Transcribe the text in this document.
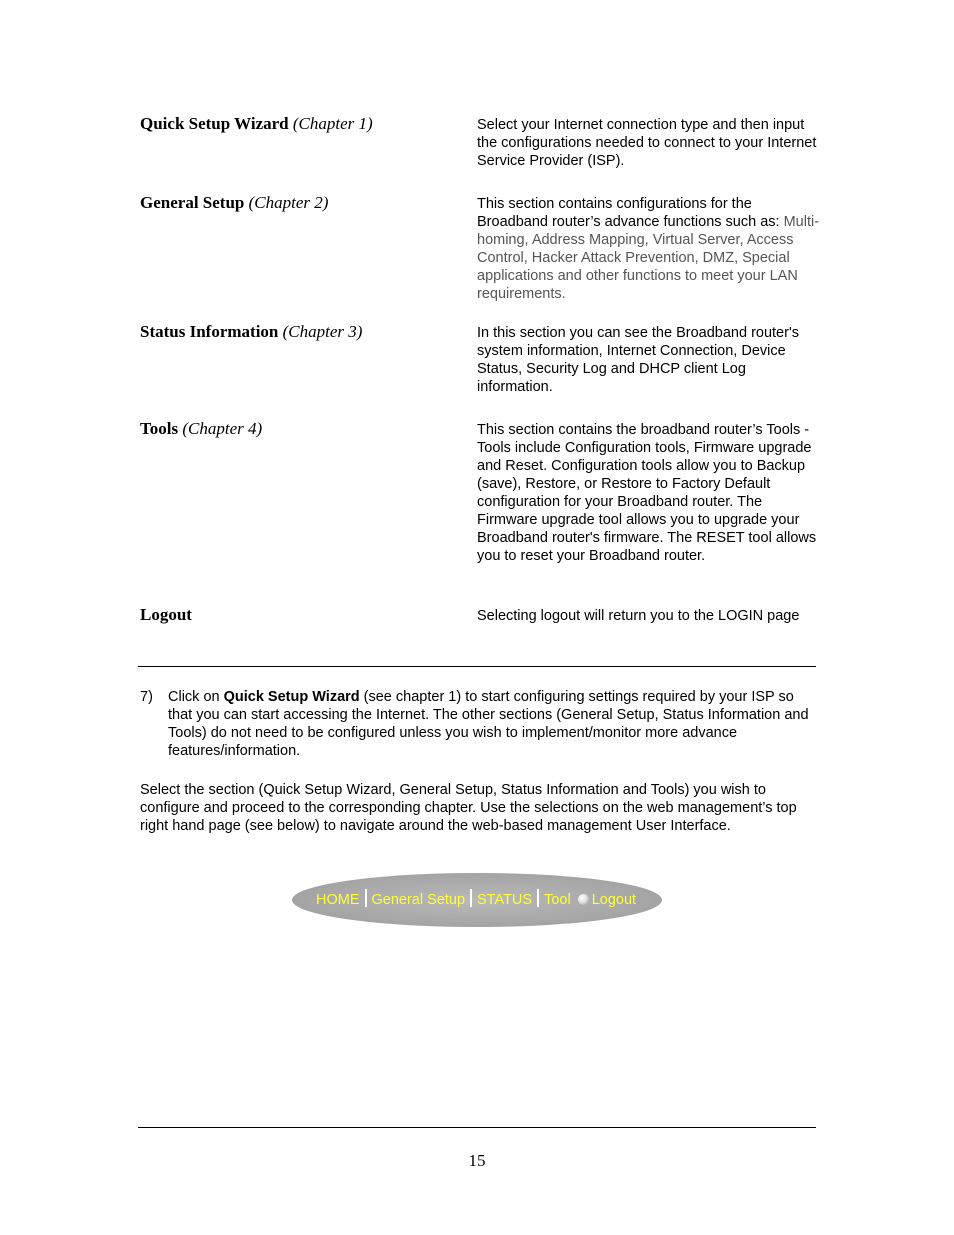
Quick Setup Wizard (Chapter 1)	Select your Internet connection type and then input the configurations needed to connect to your Internet Service Provider (ISP).
General Setup (Chapter 2)	This section contains configurations for the Broadband router’s advance functions such as: Multi-homing, Address Mapping, Virtual Server, Access Control, Hacker Attack Prevention, DMZ, Special applications and other functions to meet your LAN requirements.
Status Information (Chapter 3)	In this section you can see the Broadband router's system information, Internet Connection, Device Status, Security Log and DHCP client Log information.
Tools (Chapter 4)	This section contains the broadband router’s Tools - Tools include Configuration tools, Firmware upgrade and Reset. Configuration tools allow you to Backup (save), Restore, or Restore to Factory Default configuration for your Broadband router. The Firmware upgrade tool allows you to upgrade your Broadband router's firmware. The RESET tool allows you to reset your Broadband router.
Logout	Selecting logout will return you to the LOGIN page
7) Click on Quick Setup Wizard (see chapter 1) to start configuring settings required by your ISP so that you can start accessing the Internet. The other sections (General Setup, Status Information and Tools) do not need to be configured unless you wish to implement/monitor more advance features/information.
Select the section (Quick Setup Wizard, General Setup, Status Information and Tools) you wish to configure and proceed to the corresponding chapter. Use the selections on the web management’s top right hand page (see below) to navigate around the web-based management User Interface.
HOME General Setup STATUS Tool Logout
15
